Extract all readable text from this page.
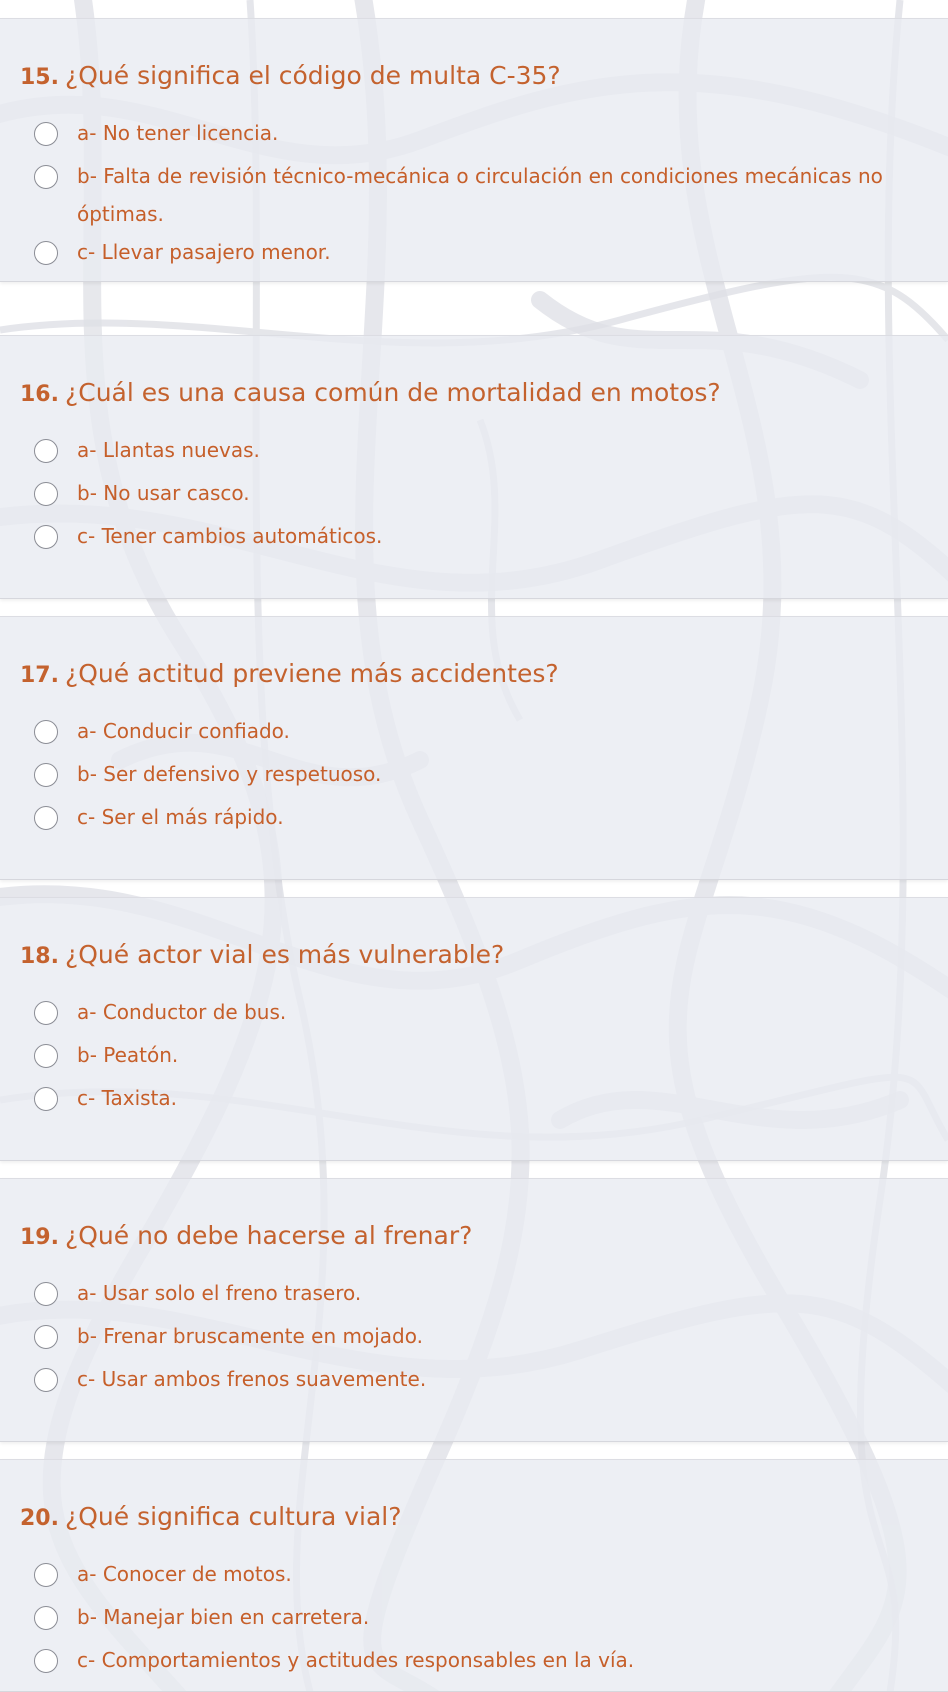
15. ¿Qué significa el código de multa C-35?
a- No tener licencia.
b- Falta de revisión técnico-mecánica o circulación en condiciones mecánicas no óptimas.
c- Llevar pasajero menor.
16. ¿Cuál es una causa común de mortalidad en motos?
a- Llantas nuevas.
b- No usar casco.
c- Tener cambios automáticos.
17. ¿Qué actitud previene más accidentes?
a- Conducir confiado.
b- Ser defensivo y respetuoso.
c- Ser el más rápido.
18. ¿Qué actor vial es más vulnerable?
a- Conductor de bus.
b- Peatón.
c- Taxista.
19. ¿Qué no debe hacerse al frenar?
a- Usar solo el freno trasero.
b- Frenar bruscamente en mojado.
c- Usar ambos frenos suavemente.
20. ¿Qué significa cultura vial?
a- Conocer de motos.
b- Manejar bien en carretera.
c- Comportamientos y actitudes responsables en la vía.
